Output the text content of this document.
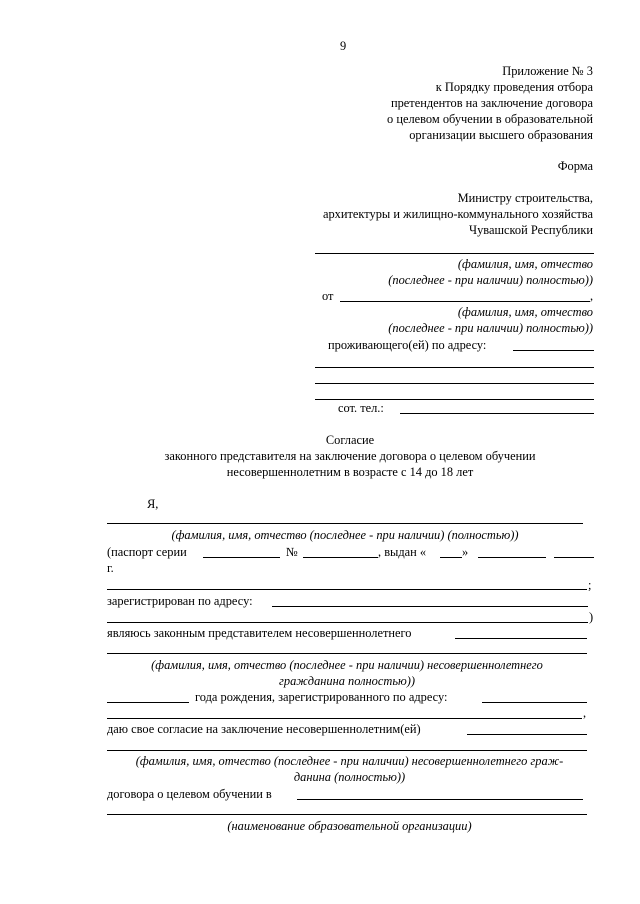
9
Приложение № 3
к Порядку проведения отбора
претендентов на заключение договора
о целевом обучении в образовательной
организации высшего образования
Форма
Министру строительства,
архитектуры и жилищно-коммунального хозяйства
Чувашской Республики
(фамилия, имя, отчество
(последнее - при наличии) полностью))
от	,
(фамилия, имя, отчество
(последнее - при наличии) полностью))
проживающего(ей) по адресу:
сот. тел.:
Согласие
законного представителя на заключение договора о целевом обучении
несовершеннолетним в возрасте с 14 до 18 лет
Я,
(фамилия, имя, отчество (последнее - при наличии) (полностью))
(паспорт серии	№	, выдан «	»
г.
;
зарегистрирован по адресу:
)
являюсь законным представителем несовершеннолетнего
(фамилия, имя, отчество (последнее - при наличии) несовершеннолетнего
гражданина полностью))
года рождения, зарегистрированного по адресу:
,
даю свое согласие на заключение несовершеннолетним(ей)
(фамилия, имя, отчество (последнее - при наличии) несовершеннолетнего граж-
данина (полностью))
договора о целевом обучении в
(наименование образовательной организации)
